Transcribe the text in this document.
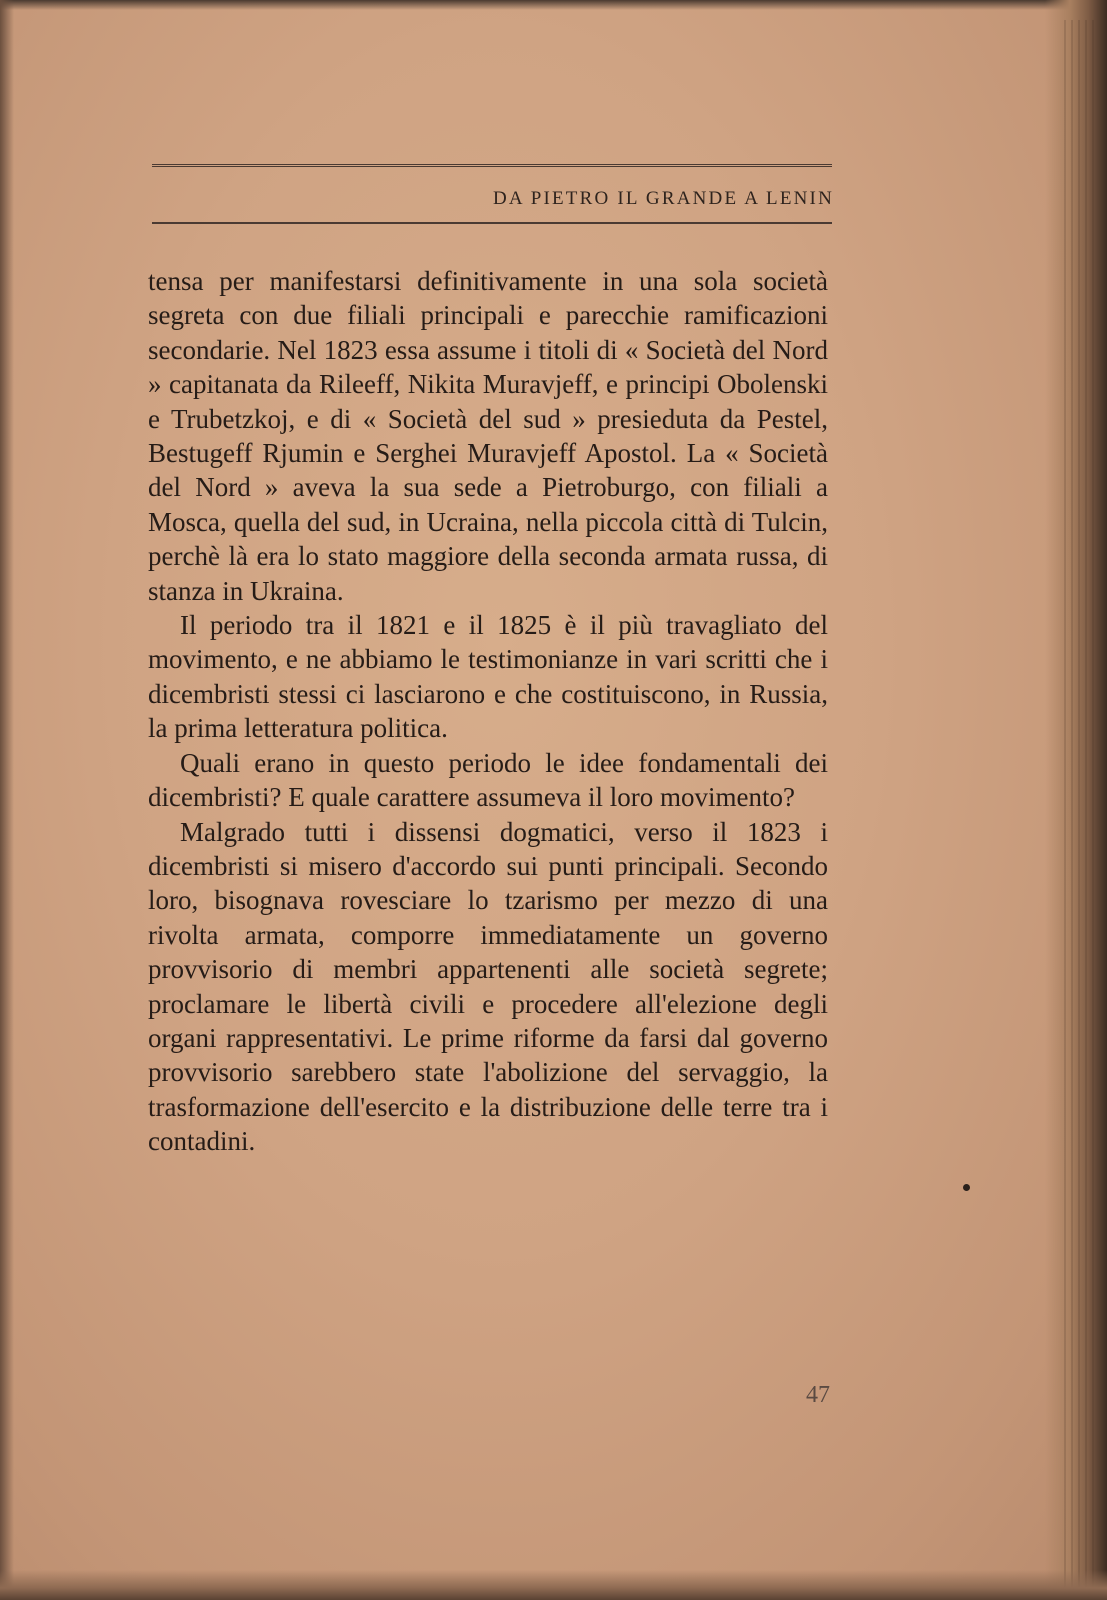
DA PIETRO IL GRANDE A LENIN

tensa per manifestarsi definitivamente in una sola società segreta con due filiali principali e parecchie ramificazioni secondarie. Nel 1823 essa assume i titoli di « Società del Nord » capitanata da Rileeff, Nikita Muravjeff, e principi Obolenski e Trubetzkoj, e di « Società del sud » presieduta da Pestel, Bestugeff Rjumin e Serghei Muravjeff Apostol. La « Società del Nord » aveva la sua sede a Pietroburgo, con filiali a Mosca, quella del sud, in Ucraina, nella piccola città di Tulcin, perchè là era lo stato maggiore della seconda armata russa, di stanza in Ukraina.

Il periodo tra il 1821 e il 1825 è il più travagliato del movimento, e ne abbiamo le testimonianze in vari scritti che i dicembristi stessi ci lasciarono e che costituiscono, in Russia, la prima letteratura politica.

Quali erano in questo periodo le idee fondamentali dei dicembristi? E quale carattere assumeva il loro movimento?

Malgrado tutti i dissensi dogmatici, verso il 1823 i dicembristi si misero d'accordo sui punti principali. Secondo loro, bisognava rovesciare lo tzarismo per mezzo di una rivolta armata, comporre immediatamente un governo provvisorio di membri appartenenti alle società segrete; proclamare le libertà civili e procedere all'elezione degli organi rappresentativi. Le prime riforme da farsi dal governo provvisorio sarebbero state l'abolizione del servaggio, la trasformazione dell'esercito e la distribuzione delle terre tra i contadini.

47
